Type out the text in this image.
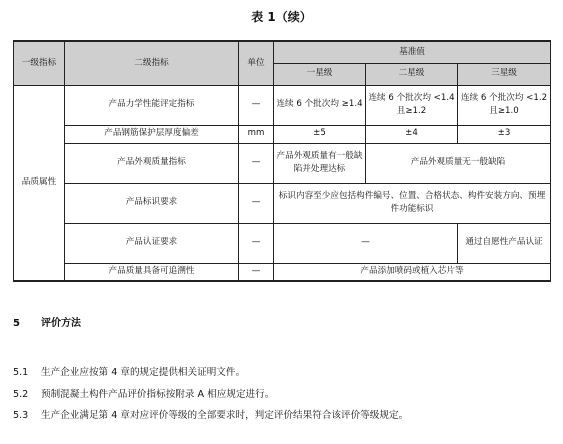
表 1（续）
一级指标	二级指标	单位	基准值		
			一星级	二星级	三星级
品质属性	产品力学性能评定指标	—	连续 6 个批次均 ≥1.4	连续 6 个批次均 <1.4 且≥1.2	连续 6 个批次均 <1.2 且≥1.0
	产品钢筋保护层厚度偏差	mm	±5	±4	±3
	产品外观质量指标	—	产品外观质量有一般缺陷并处理达标	产品外观质量无一般缺陷	
	产品标识要求	—	标识内容至少应包括构件编号、位置、合格状态、构件安装方向、预埋件功能标识		
	产品认证要求	—	—		通过自愿性产品认证
	产品质量具备可追溯性	—	产品添加喷码或植入芯片等		
5 评价方法
5.1 生产企业应按第 4 章的规定提供相关证明文件。
5.2 预制混凝土构件产品评价指标按附录 A 相应规定进行。
5.3 生产企业满足第 4 章对应评价等级的全部要求时，判定评价结果符合该评价等级规定。
